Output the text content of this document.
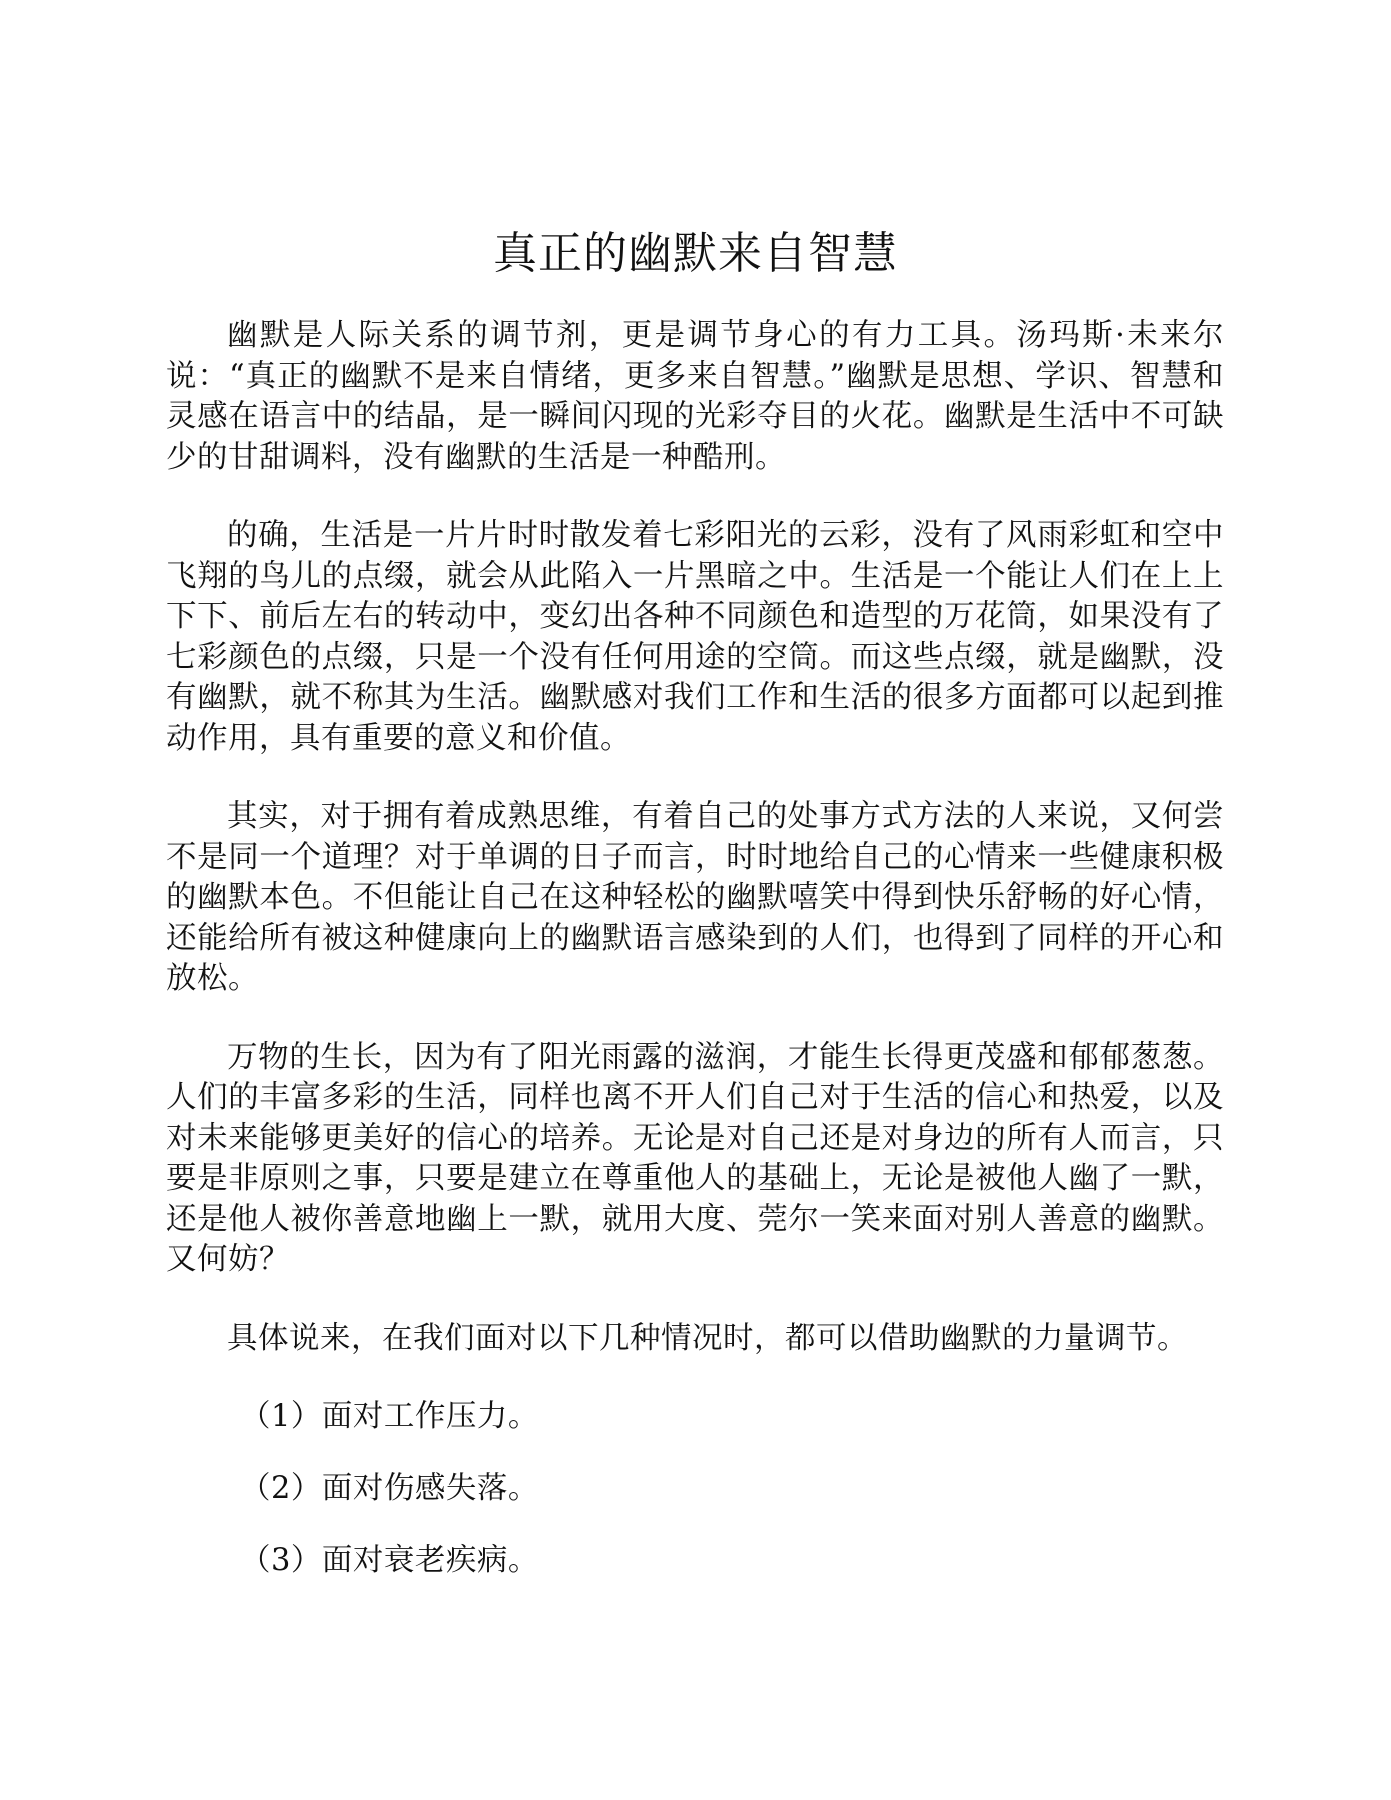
真正的幽默来自智慧

幽默是人际关系的调节剂，更是调节身心的有力工具。汤玛斯·未来尔说：“真正的幽默不是来自情绪，更多来自智慧。”幽默是思想、学识、智慧和灵感在语言中的结晶，是一瞬间闪现的光彩夺目的火花。幽默是生活中不可缺少的甘甜调料，没有幽默的生活是一种酷刑。

的确，生活是一片片时时散发着七彩阳光的云彩，没有了风雨彩虹和空中飞翔的鸟儿的点缀，就会从此陷入一片黑暗之中。生活是一个能让人们在上上下下、前后左右的转动中，变幻出各种不同颜色和造型的万花筒，如果没有了七彩颜色的点缀，只是一个没有任何用途的空筒。而这些点缀，就是幽默，没有幽默，就不称其为生活。幽默感对我们工作和生活的很多方面都可以起到推动作用，具有重要的意义和价值。

其实，对于拥有着成熟思维，有着自己的处事方式方法的人来说，又何尝不是同一个道理？对于单调的日子而言，时时地给自己的心情来一些健康积极的幽默本色。不但能让自己在这种轻松的幽默嘻笑中得到快乐舒畅的好心情，还能给所有被这种健康向上的幽默语言感染到的人们，也得到了同样的开心和放松。

万物的生长，因为有了阳光雨露的滋润，才能生长得更茂盛和郁郁葱葱。人们的丰富多彩的生活，同样也离不开人们自己对于生活的信心和热爱，以及对未来能够更美好的信心的培养。无论是对自己还是对身边的所有人而言，只要是非原则之事，只要是建立在尊重他人的基础上，无论是被他人幽了一默，还是他人被你善意地幽上一默，就用大度、莞尔一笑来面对别人善意的幽默。又何妨？

具体说来，在我们面对以下几种情况时，都可以借助幽默的力量调节。

（1）面对工作压力。

（2）面对伤感失落。

（3）面对衰老疾病。
